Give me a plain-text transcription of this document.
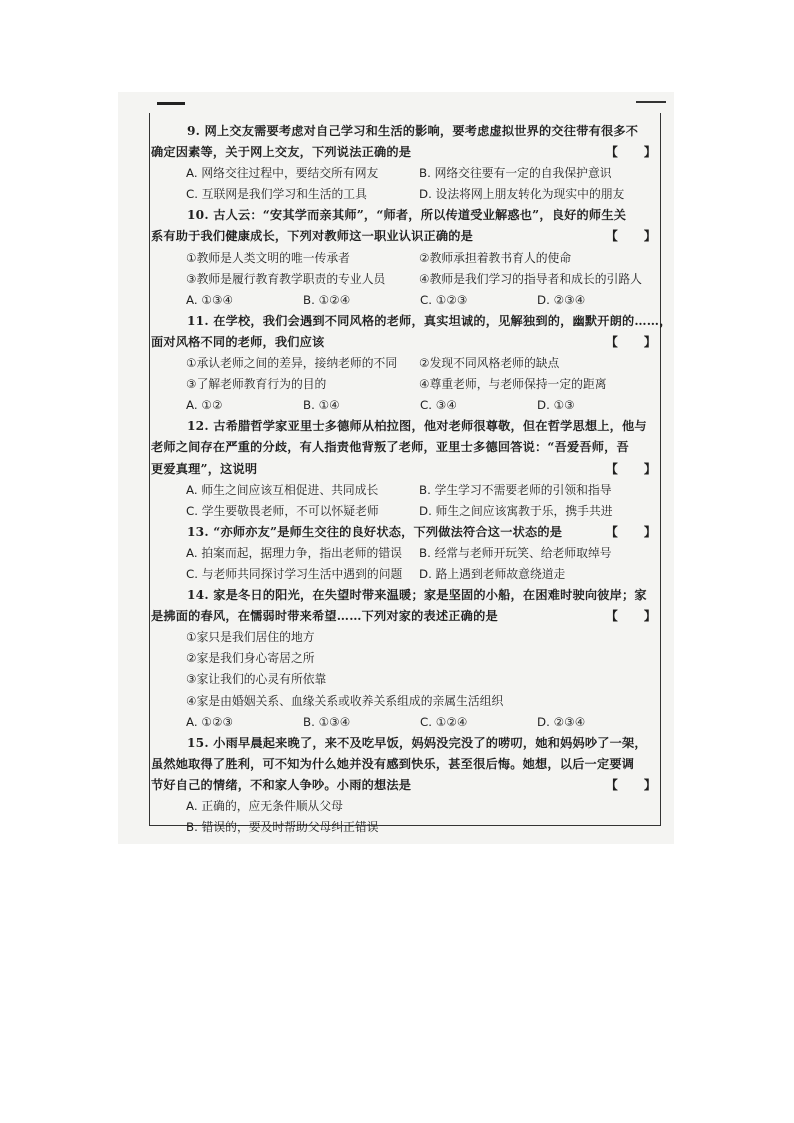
9. 网上交友需要考虑对自己学习和生活的影响，要考虑虚拟世界的交往带有很多不
确定因素等，关于网上交友，下列说法正确的是	【 】
A. 网络交往过程中，要结交所有网友	B. 网络交往要有一定的自我保护意识
C. 互联网是我们学习和生活的工具	D. 设法将网上朋友转化为现实中的朋友
10. 古人云：“安其学而亲其师”，“师者，所以传道受业解惑也”，良好的师生关
系有助于我们健康成长，下列对教师这一职业认识正确的是	【 】
①教师是人类文明的唯一传承者	②教师承担着教书育人的使命
③教师是履行教育教学职责的专业人员	④教师是我们学习的指导者和成长的引路人
A. ①③④	B. ①②④	C. ①②③	D. ②③④
11. 在学校，我们会遇到不同风格的老师，真实坦诚的，见解独到的，幽默开朗的……，
面对风格不同的老师，我们应该	【 】
①承认老师之间的差异，接纳老师的不同	②发现不同风格老师的缺点
③了解老师教育行为的目的	④尊重老师，与老师保持一定的距离
A. ①②	B. ①④	C. ③④	D. ①③
12. 古希腊哲学家亚里士多德师从柏拉图，他对老师很尊敬，但在哲学思想上，他与
老师之间存在严重的分歧，有人指责他背叛了老师，亚里士多德回答说：“吾爱吾师，吾
更爱真理”，这说明	【 】
A. 师生之间应该互相促进、共同成长	B. 学生学习不需要老师的引领和指导
C. 学生要敬畏老师，不可以怀疑老师	D. 师生之间应该寓教于乐，携手共进
13. “亦师亦友”是师生交往的良好状态，下列做法符合这一状态的是	【 】
A. 拍案而起，据理力争，指出老师的错误	B. 经常与老师开玩笑、给老师取绰号
C. 与老师共同探讨学习生活中遇到的问题	D. 路上遇到老师故意绕道走
14. 家是冬日的阳光，在失望时带来温暖；家是坚固的小船，在困难时驶向彼岸；家
是拂面的春风，在懦弱时带来希望……下列对家的表述正确的是	【 】
①家只是我们居住的地方
②家是我们身心寄居之所
③家让我们的心灵有所依靠
④家是由婚姻关系、血缘关系或收养关系组成的亲属生活组织
A. ①②③	B. ①③④	C. ①②④	D. ②③④
15. 小雨早晨起来晚了，来不及吃早饭，妈妈没完没了的唠叨，她和妈妈吵了一架，
虽然她取得了胜利，可不知为什么她并没有感到快乐，甚至很后悔。她想，以后一定要调
节好自己的情绪，不和家人争吵。小雨的想法是	【 】
A. 正确的，应无条件顺从父母
B. 错误的，要及时帮助父母纠正错误
